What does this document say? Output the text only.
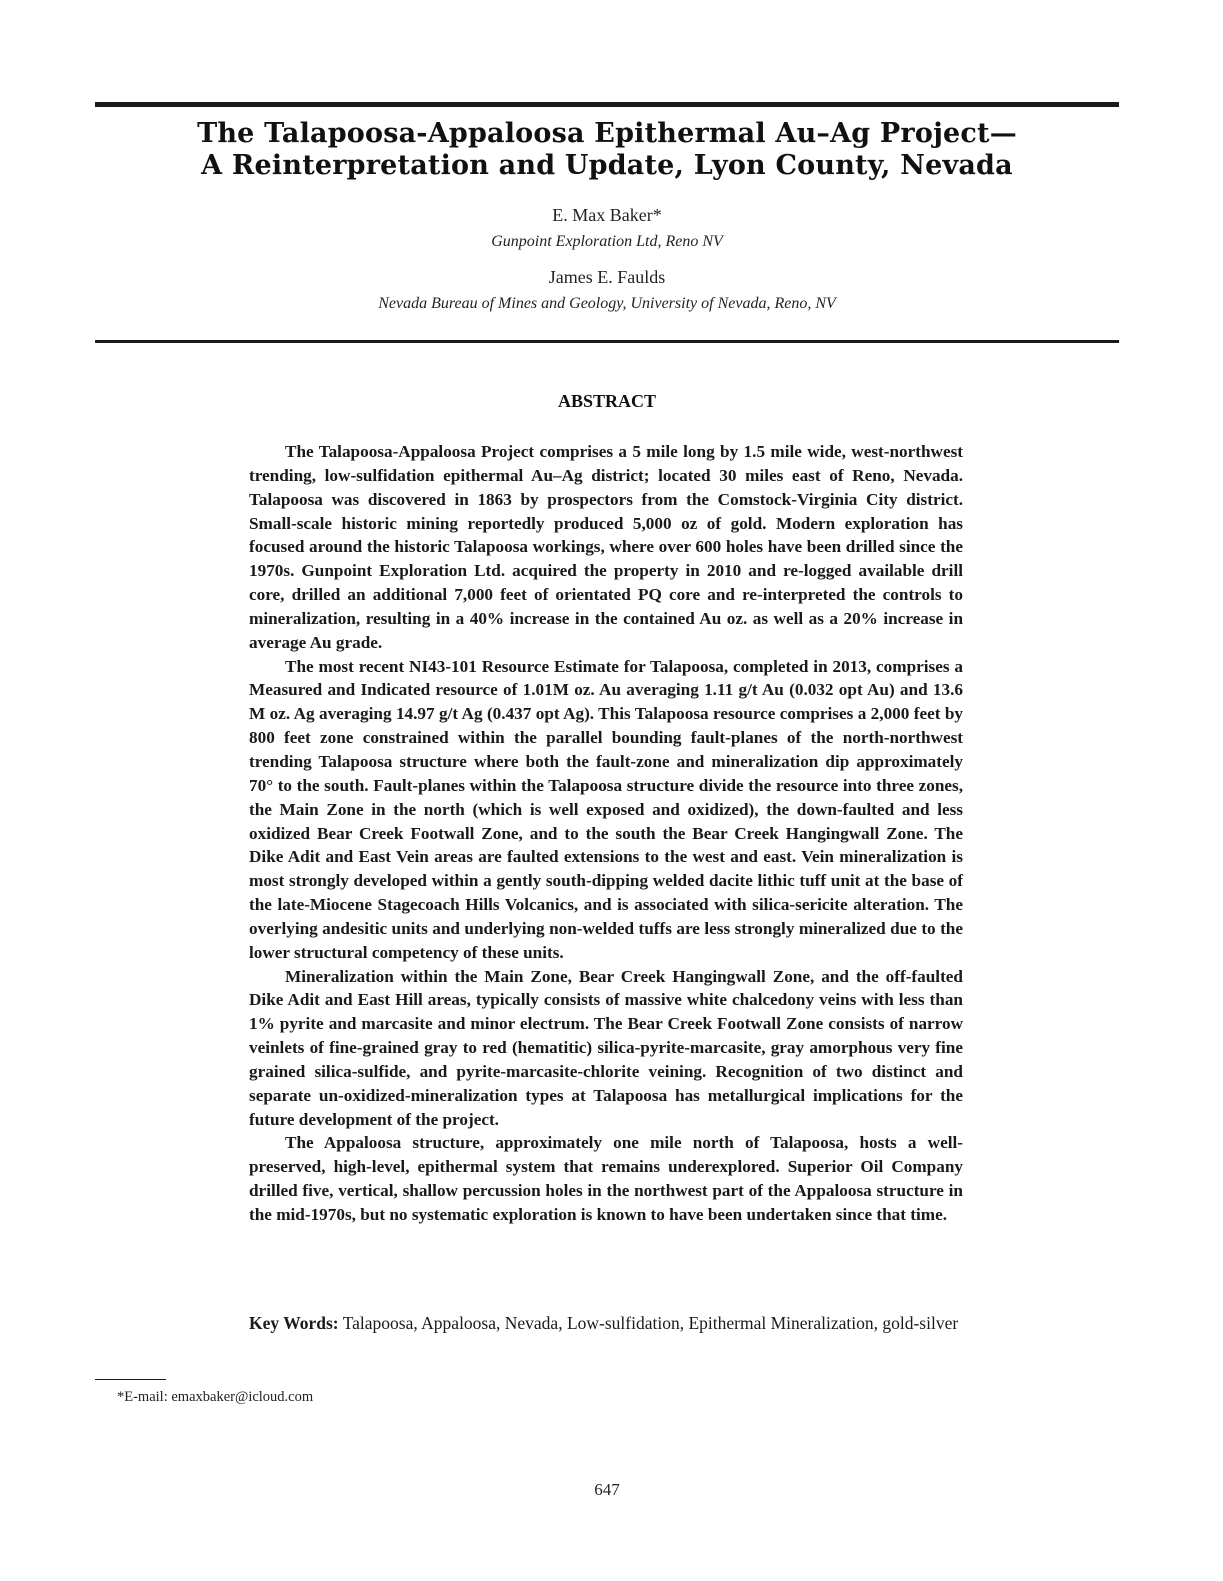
The Talapoosa-Appaloosa Epithermal Au–Ag Project—
A Reinterpretation and Update, Lyon County, Nevada
E. Max Baker*
Gunpoint Exploration Ltd, Reno NV
James E. Faulds
Nevada Bureau of Mines and Geology, University of Nevada, Reno, NV
ABSTRACT

The Talapoosa-Appaloosa Project comprises a 5 mile long by 1.5 mile wide, west-northwest trending, low-sulfidation epithermal Au–Ag district; located 30 miles east of Reno, Nevada. Talapoosa was discovered in 1863 by prospectors from the Comstock-Virginia City district. Small-scale historic mining reportedly produced 5,000 oz of gold. Modern exploration has focused around the historic Talapoosa workings, where over 600 holes have been drilled since the 1970s. Gunpoint Exploration Ltd. acquired the property in 2010 and re-logged available drill core, drilled an additional 7,000 feet of orientated PQ core and re-interpreted the controls to mineralization, resulting in a 40% increase in the contained Au oz. as well as a 20% increase in average Au grade.

The most recent NI43-101 Resource Estimate for Talapoosa, completed in 2013, comprises a Measured and Indicated resource of 1.01M oz. Au averaging 1.11 g/t Au (0.032 opt Au) and 13.6 M oz. Ag averaging 14.97 g/t Ag (0.437 opt Ag). This Talapoosa resource comprises a 2,000 feet by 800 feet zone constrained within the parallel bounding fault-planes of the north-northwest trending Talapoosa structure where both the fault-zone and mineralization dip approximately 70° to the south. Fault-planes within the Talapoosa structure divide the resource into three zones, the Main Zone in the north (which is well exposed and oxidized), the down-faulted and less oxidized Bear Creek Footwall Zone, and to the south the Bear Creek Hangingwall Zone. The Dike Adit and East Vein areas are faulted extensions to the west and east. Vein mineralization is most strongly developed within a gently south-dipping welded dacite lithic tuff unit at the base of the late-Miocene Stagecoach Hills Volcanics, and is associated with silica-sericite alteration. The overlying andesitic units and underlying non-welded tuffs are less strongly mineralized due to the lower structural competency of these units.

Mineralization within the Main Zone, Bear Creek Hangingwall Zone, and the off-faulted Dike Adit and East Hill areas, typically consists of massive white chalcedony veins with less than 1% pyrite and marcasite and minor electrum. The Bear Creek Footwall Zone consists of narrow veinlets of fine-grained gray to red (hematitic) silica-pyrite-marcasite, gray amorphous very fine grained silica-sulfide, and pyrite-marcasite-chlorite veining. Recognition of two distinct and separate un-oxidized-mineralization types at Talapoosa has metallurgical implications for the future development of the project.

The Appaloosa structure, approximately one mile north of Talapoosa, hosts a well-preserved, high-level, epithermal system that remains underexplored. Superior Oil Company drilled five, vertical, shallow percussion holes in the northwest part of the Appaloosa structure in the mid-1970s, but no systematic exploration is known to have been undertaken since that time.

Key Words: Talapoosa, Appaloosa, Nevada, Low-sulfidation, Epithermal Mineralization, gold-silver
*E-mail: emaxbaker@icloud.com
647
